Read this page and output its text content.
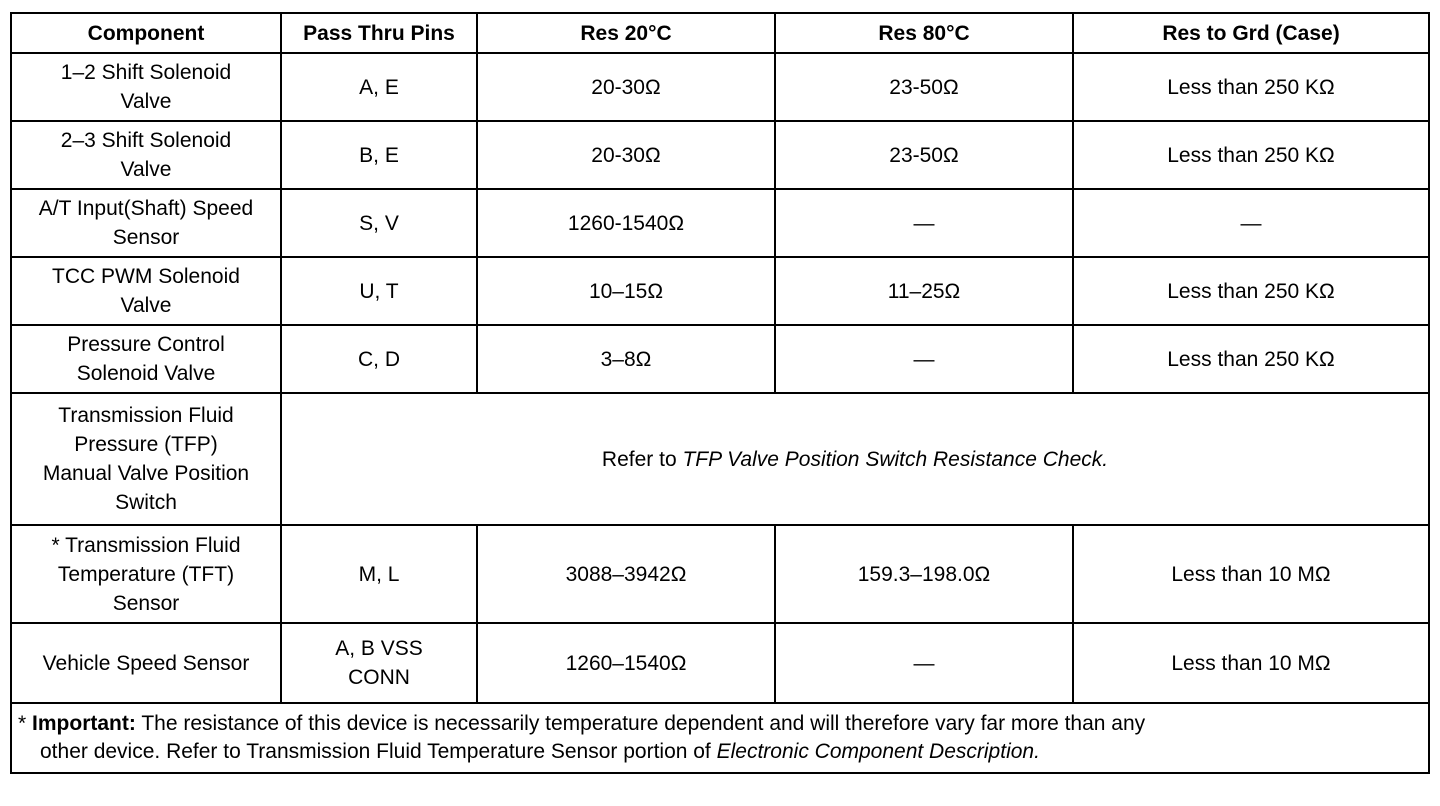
Component	Pass Thru Pins	Res 20°C	Res 80°C	Res to Grd (Case)
1–2 Shift Solenoid
Valve	A, E	20-30Ω	23-50Ω	Less than 250 KΩ
2–3 Shift Solenoid
Valve	B, E	20-30Ω	23-50Ω	Less than 250 KΩ
A/T Input(Shaft) Speed
Sensor	S, V	1260-1540Ω	—	—
TCC PWM Solenoid
Valve	U, T	10–15Ω	11–25Ω	Less than 250 KΩ
Pressure Control
Solenoid Valve	C, D	3–8Ω	—	Less than 250 KΩ
Transmission Fluid
Pressure (TFP)
Manual Valve Position
Switch	Refer to TFP Valve Position Switch Resistance Check.			
* Transmission Fluid
Temperature (TFT)
Sensor	M, L	3088–3942Ω	159.3–198.0Ω	Less than 10 MΩ
Vehicle Speed Sensor	A, B VSS
CONN	1260–1540Ω	—	Less than 10 MΩ

* Important: The resistance of this device is necessarily temperature dependent and will therefore vary far more than any
other device. Refer to Transmission Fluid Temperature Sensor portion of Electronic Component Description.				
